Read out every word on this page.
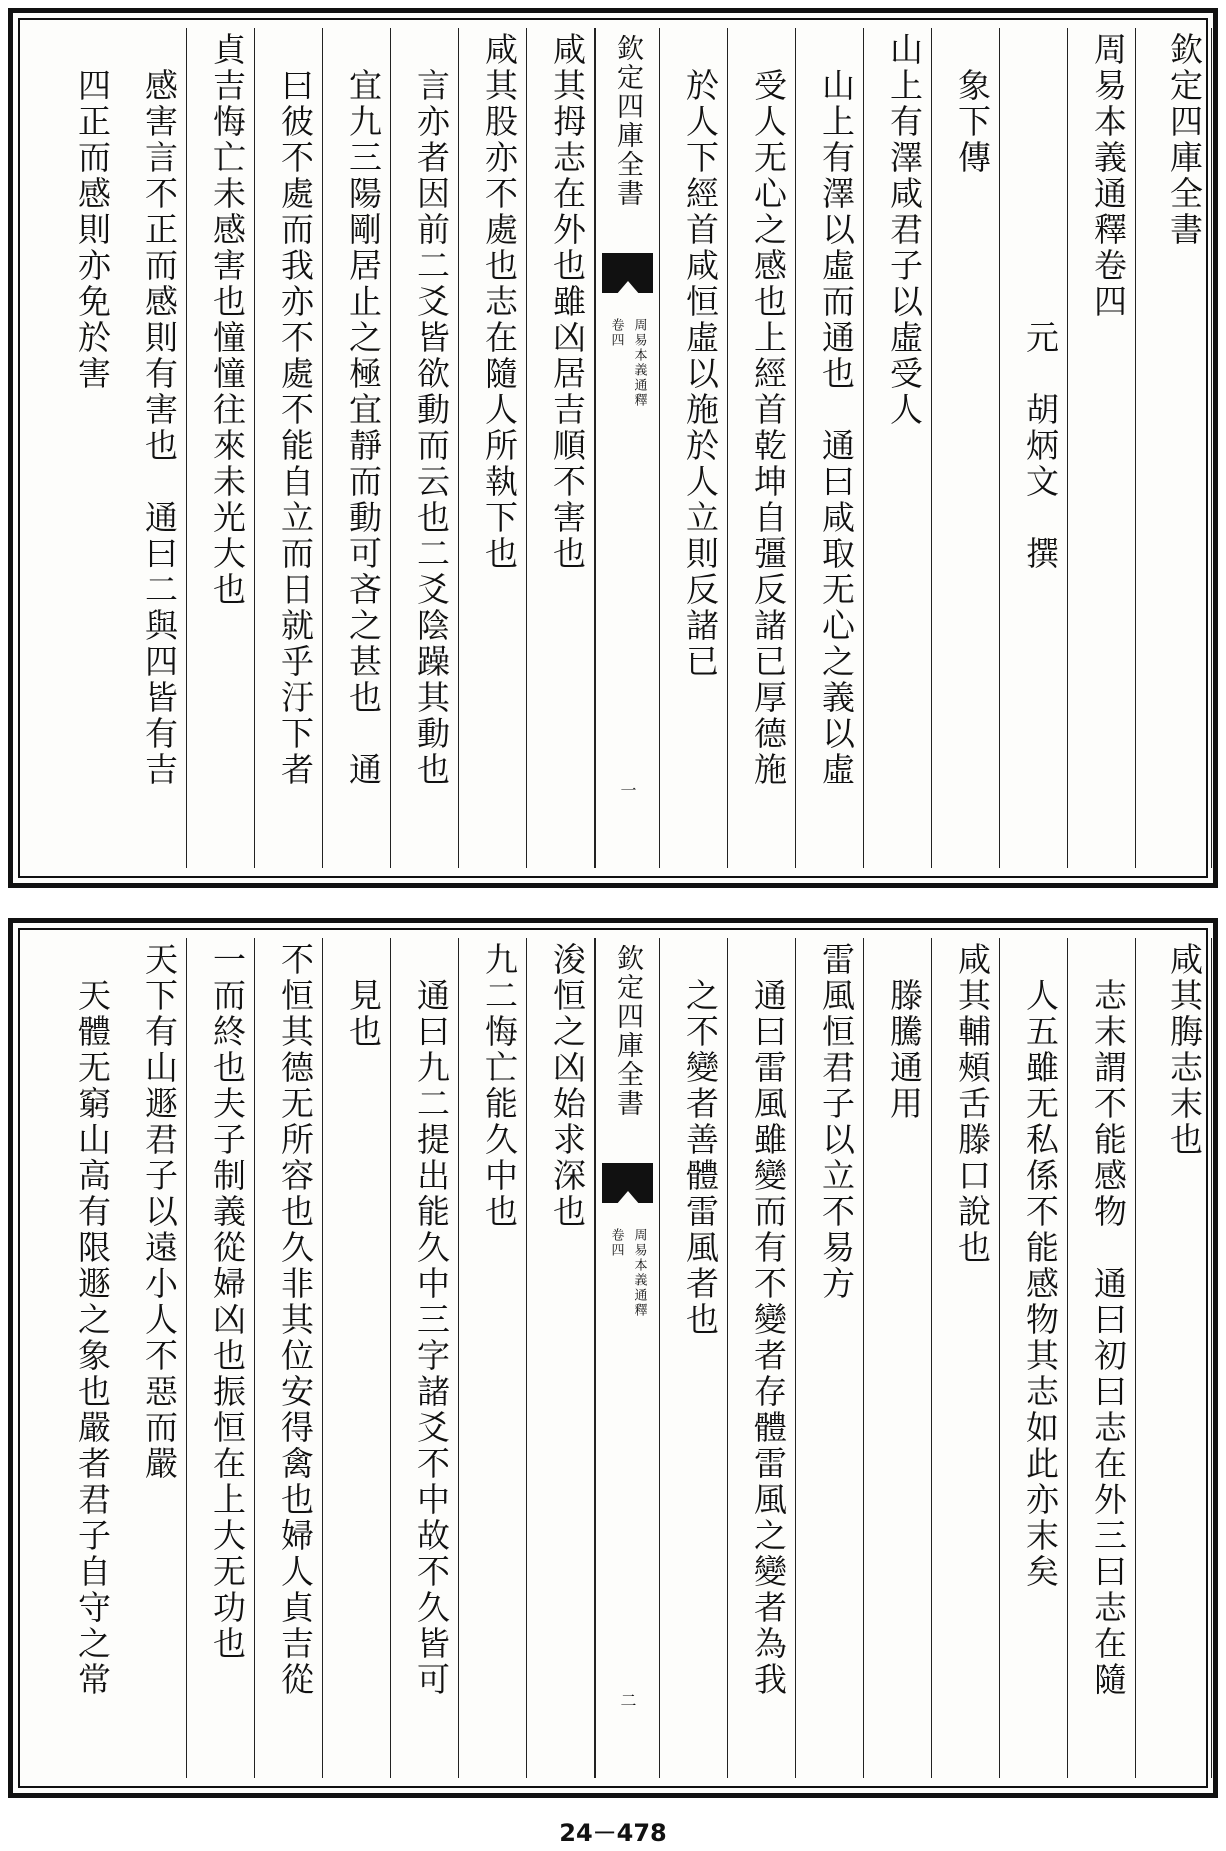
欽定四庫全書
周易本義通釋卷四
　　　　　　　　元　胡炳文　撰
　象下傳
山上有澤咸君子以虛受人
　山上有澤以虛而通也　通曰咸取无心之義以虛
　受人无心之感也上經首乾坤自彊反諸已厚德施
　於人下經首咸恒虛以施於人立則反諸已
欽定四庫全書
周易本義通釋
卷四
一
咸其拇志在外也雖凶居吉順不害也
咸其股亦不處也志在隨人所執下也
　言亦者因前二爻皆欲動而云也二爻陰躁其動也
　宜九三陽剛居止之極宜靜而動可吝之甚也　通
　曰彼不處而我亦不處不能自立而日就乎汙下者
貞吉悔亡未感害也憧憧往來未光大也
　感害言不正而感則有害也　通曰二與四皆有吉
　四正而感則亦免於害
咸其脢志末也
　志末謂不能感物　通曰初曰志在外三曰志在隨
　人五雖无私係不能感物其志如此亦末矣
咸其輔頰舌滕口說也
　滕騰通用
雷風恒君子以立不易方
　通曰雷風雖變而有不變者存體雷風之變者為我
　之不變者善體雷風者也
欽定四庫全書
周易本義通釋
卷四
二
浚恒之凶始求深也
九二悔亡能久中也
　通曰九二提出能久中三字諸爻不中故不久皆可
　見也
不恒其德无所容也久非其位安得禽也婦人貞吉從
一而終也夫子制義從婦凶也振恒在上大无功也
天下有山遯君子以遠小人不惡而嚴
　天體无窮山高有限遯之象也嚴者君子自守之常
24－478
